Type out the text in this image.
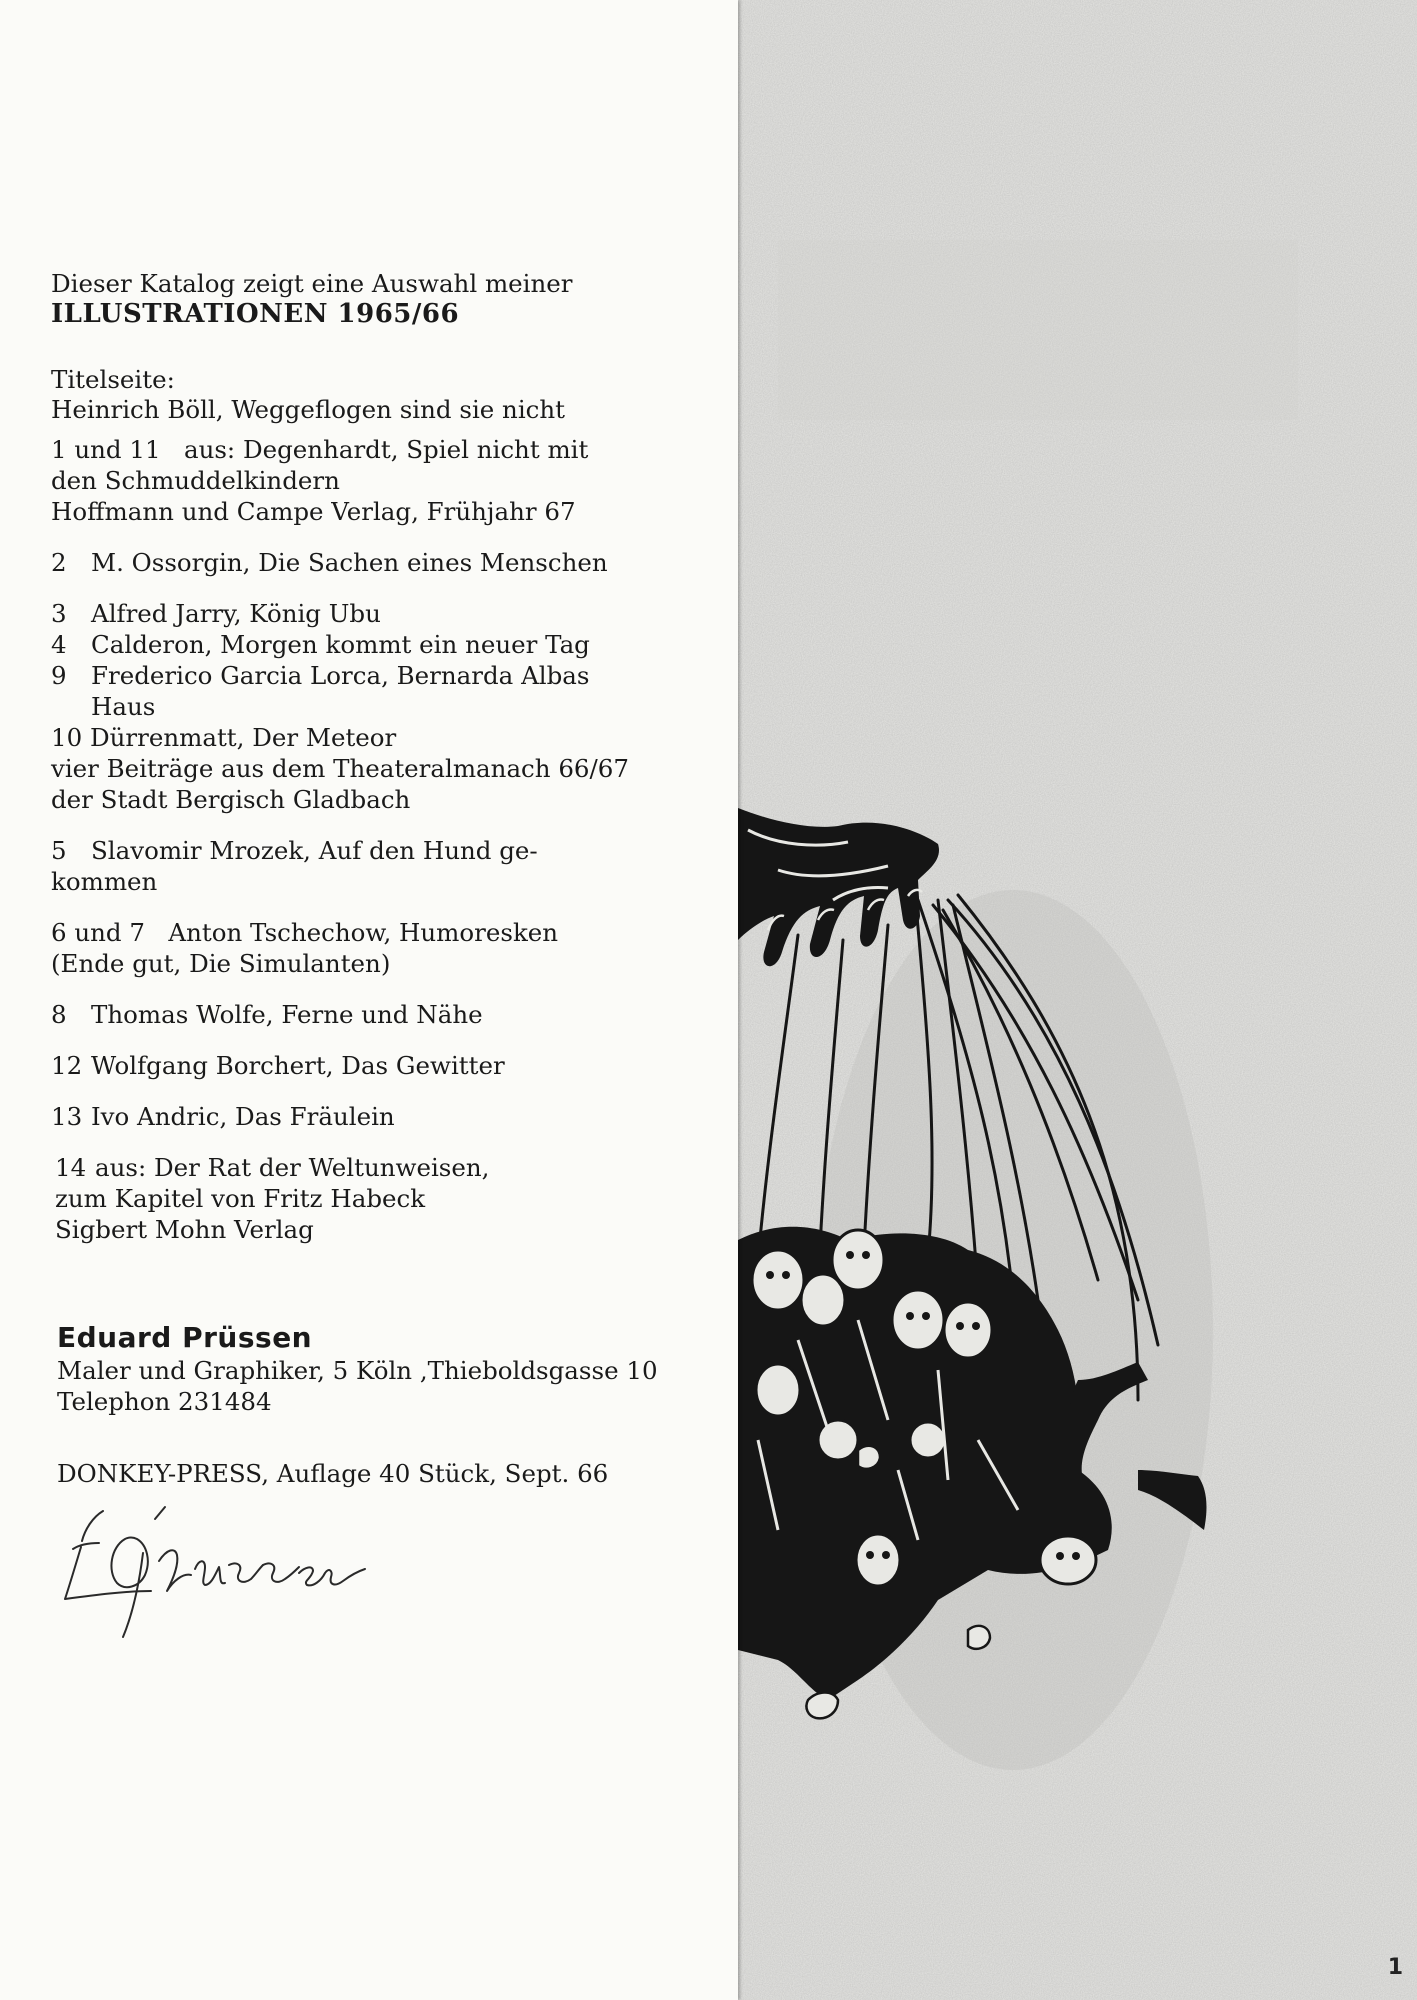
Dieser Katalog zeigt eine Auswahl meiner

ILLUSTRATIONEN 1965/66

Titelseite:

Heinrich Böll, Weggeflogen sind sie nicht

1 und 11 aus: Degenhardt, Spiel nicht mit

den Schmuddelkindern

Hoffmann und Campe Verlag, Frühjahr 67

2 M. Ossorgin, Die Sachen eines Menschen

3 Alfred Jarry, König Ubu

4 Calderon, Morgen kommt ein neuer Tag

9 Frederico Garcia Lorca, Bernarda Albas

Haus

10 Dürrenmatt, Der Meteor

vier Beiträge aus dem Theateralmanach 66/67

der Stadt Bergisch Gladbach

5 Slavomir Mrozek, Auf den Hund ge-

kommen

6 und 7 Anton Tschechow, Humoresken

(Ende gut, Die Simulanten)

8 Thomas Wolfe, Ferne und Nähe

12 Wolfgang Borchert, Das Gewitter

13 Ivo Andric, Das Fräulein

14 aus: Der Rat der Weltunweisen,

zum Kapitel von Fritz Habeck

Sigbert Mohn Verlag

Eduard Prüssen

Maler und Graphiker, 5 Köln ,Thieboldsgasse 10

Telephon 231484

DONKEY-PRESS, Auflage 40 Stück, Sept. 66

1
